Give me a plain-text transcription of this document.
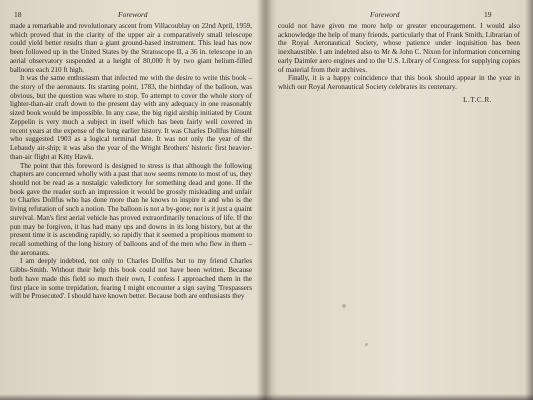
18	Foreword

made a remarkable and revolutionary ascent from Villacoublay on 22nd April, 1959, which proved that in the clarity of the upper air a comparatively small telescope could yield better results than a giant ground-based instrument. This lead has now been followed up in the United States by the Stratoscope II, a 36 in. telescope in an aerial observatory suspended at a height of 80,000 ft by two giant helium-filled balloons each 210 ft high.

It was the same enthusiasm that infected me with the desire to write this book – the story of the aeronauts. Its starting point, 1783, the birthday of the balloon, was obvious, but the question was where to stop. To attempt to cover the whole story of lighter-than-air craft down to the present day with any adequacy in one reasonably sized book would be impossible. In any case, the big rigid airship initiated by Count Zeppelin is very much a subject in itself which has been fairly well covered in recent years at the expense of the long earlier history. It was Charles Dollfus himself who suggested 1903 as a logical terminal date. It was not only the year of the Lebaudy air-ship; it was also the year of the Wright Brothers' historic first heavier-than-air flight at Kitty Hawk.

The point that this foreword is designed to stress is that although the following chapters are concerned wholly with a past that now seems remote to most of us, they should not be read as a nostalgic valedictory for something dead and gone. If the book gave the reader such an impression it would be grossly misleading and unfair to Charles Dollfus who has done more than he knows to inspire it and who is the living refutation of such a notion. The balloon is not a by-gone; nor is it just a quaint survival. Man's first aerial vehicle has proved extraordinarily tenacious of life. If the pun may be forgiven, it has had many ups and downs in its long history, but at the present time it is ascending rapidly, so rapidly that it seemed a propitious moment to recall something of the long history of balloons and of the men who flew in them – the aeronauts.

I am deeply indebted, not only to Charles Dollfus but to my friend Charles Gibbs-Smith. Without their help this book could not have been written. Because both have made this field so much their own, I confess I approached them in the first place in some trepidation, fearing I might encounter a sign saying 'Trespassers will be Prosecuted'. I should have known better. Because both are enthusiasts they

Foreword	19

could not have given me more help or greater encouragement. I would also acknowledge the help of many friends, particularly that of Frank Smith, Librarian of the Royal Aeronautical Society, whose patience under inquisition has been inexhaustible. I am indebted also to Mr & John C. Nixon for information concerning early Daimler aero engines and to the U.S. Library of Congress for supplying copies of material from their archives.

Finally, it is a happy coincidence that this book should appear in the year in which our Royal Aeronautical Society celebrates its centenary.

L.T.C.R.
